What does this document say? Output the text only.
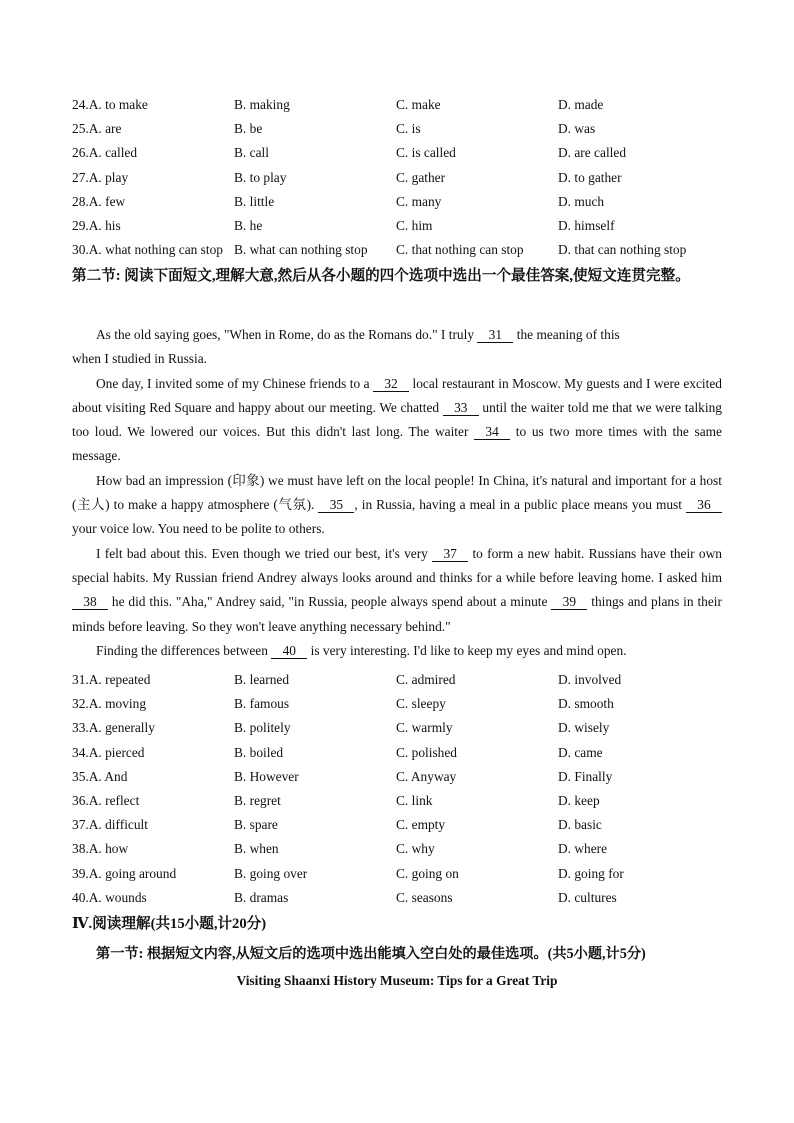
24.A. to make	B. making	C. make	D. made
25.A. are	B. be	C. is	D. was
26.A. called	B. call	C. is called	D. are called
27.A. play	B. to play	C. gather	D. to gather
28.A. few	B. little	C. many	D. much
29.A. his	B. he	C. him	D. himself
30.A. what nothing can stop B. what can nothing stop	C. that nothing can stop	D. that can nothing stop
第二节: 阅读下面短文,理解大意,然后从各小题的四个选项中选出一个最佳答案,使短文连贯完整。

As the old saying goes, "When in Rome, do as the Romans do." I truly 31 the meaning of this

when I studied in Russia.

One day, I invited some of my Chinese friends to a 32 local restaurant in Moscow. My guests and I were excited about visiting Red Square and happy about our meeting. We chatted 33 until the waiter told me that we were talking too loud. We lowered our voices. But this didn't last long. The waiter 34 to us two more times with the same message.

How bad an impression (印象) we must have left on the local people! In China, it's natural and important for a host (主人) to make a happy atmosphere (气氛). 35 , in Russia, having a meal in a public place means you must 36 your voice low. You need to be polite to others.

I felt bad about this. Even though we tried our best, it's very 37 to form a new habit. Russians have their own special habits. My Russian friend Andrey always looks around and thinks for a while before leaving home. I asked him 38 he did this. "Aha," Andrey said, "in Russia, people always spend about a minute 39 things and plans in their minds before leaving. So they won't leave anything necessary behind."

Finding the differences between 40 is very interesting. I'd like to keep my eyes and mind open.

31.A. repeated	B. learned	C. admired	D. involved
32.A. moving	B. famous	C. sleepy	D. smooth
33.A. generally	B. politely	C. warmly	D. wisely
34.A. pierced	B. boiled	C. polished	D. came
35.A. And	B. However	C. Anyway	D. Finally
36.A. reflect	B. regret	C. link	D. keep
37.A. difficult	B. spare	C. empty	D. basic
38.A. how	B. when	C. why	D. where
39.A. going around	B. going over	C. going on	D. going for
40.A. wounds	B. dramas	C. seasons	D. cultures
Ⅳ.阅读理解(共15小题,计20分)
第一节: 根据短文内容,从短文后的选项中选出能填入空白处的最佳选项。(共5小题,计5分)
Visiting Shaanxi History Museum: Tips for a Great Trip
